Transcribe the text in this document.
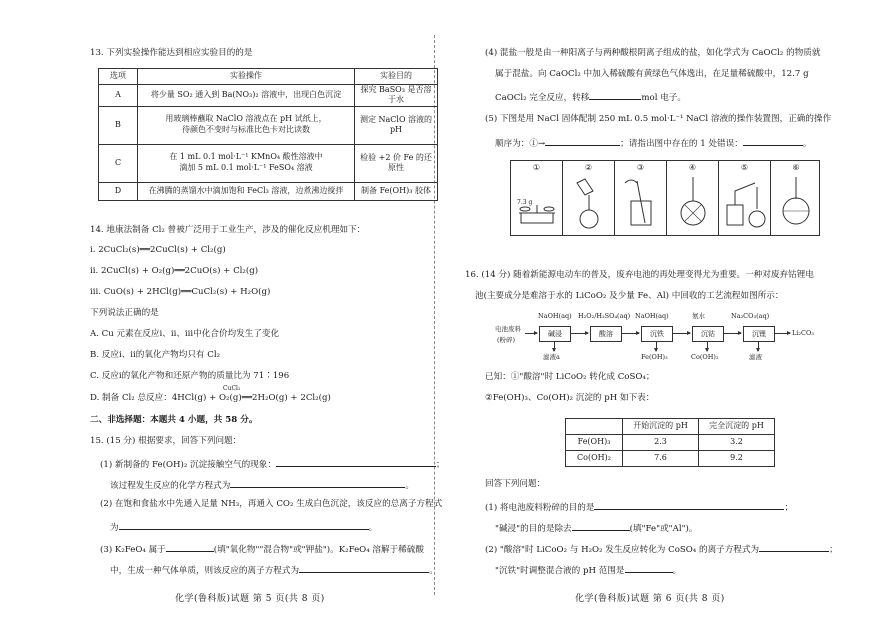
13. 下列实验操作能达到相应实验目的的是
选项	实验操作	实验目的
A	将少量 SO₂ 通入到 Ba(NO₃)₂ 溶液中，出现白色沉淀	探究 BaSO₃ 是否溶于水
B	用玻璃棒蘸取 NaClO 溶液点在 pH 试纸上，
待颜色不变时与标准比色卡对比读数	测定 NaClO 溶液的 pH
C	在 1 mL 0.1 mol·L⁻¹ KMnO₄ 酸性溶液中
滴加 5 mL 0.1 mol·L⁻¹ FeSO₄ 溶液	检验 +2 价 Fe 的还原性
D	在沸腾的蒸馏水中滴加饱和 FeCl₃ 溶液，边煮沸边搅拌	制备 Fe(OH)₃ 胶体
14. 地康法制备 Cl₂ 曾被广泛用于工业生产，涉及的催化反应机理如下：
ⅰ. 2CuCl₂(s)══2CuCl(s) + Cl₂(g)
ⅱ. 2CuCl(s) + O₂(g)══2CuO(s) + Cl₂(g)
ⅲ. CuO(s) + 2HCl(g)══CuCl₂(s) + H₂O(g)
下列说法正确的是
A. Cu 元素在反应ⅰ、ⅱ、ⅲ中化合价均发生了变化
B. 反应ⅰ、ⅱ的氧化产物均只有 Cl₂
C. 反应ⅰ的氧化产物和还原产物的质量比为 71∶196
CuCl₂
D. 制备 Cl₂ 总反应：4HCl(g) + O₂(g)══2H₂O(g) + 2Cl₂(g)
二、非选择题：本题共 4 小题，共 58 分。
15. (15 分) 根据要求，回答下列问题：
(1) 新制备的 Fe(OH)₂ 沉淀接触空气的现象：	；
该过程发生反应的化学方程式为	。
(2) 在饱和食盐水中先通入足量 NH₃，再通入 CO₂ 生成白色沉淀，该反应的总离子方程式
为	。
(3) K₂FeO₄ 属于	(填"氧化物""混合物"或"钾盐")。K₂FeO₄ 溶解于稀硫酸
中，生成一种气体单质，则该反应的离子方程式为	。
化学(鲁科版)试题 第 5 页(共 8 页)
(4) 混盐一般是由一种阳离子与两种酸根阴离子组成的盐，如化学式为 CaOCl₂ 的物质就
属于混盐。向 CaOCl₂ 中加入稀硫酸有黄绿色气体逸出，在足量稀硫酸中，12.7 g
CaOCl₂ 完全反应，转移	mol 电子。
(5) 下图是用 NaCl 固体配制 250 mL 0.5 mol·L⁻¹ NaCl 溶液的操作装置图，正确的操作
顺序为：①→	；请指出图中存在的 1 处错误：	。
①
7.3 g
②	③	④	⑤	⑥
16. (14 分) 随着新能源电动车的普及，废弃电池的再处理变得尤为重要。一种对废弃钴锂电
池(主要成分是难溶于水的 LiCoO₂ 及少量 Fe、Al) 中回收的工艺流程如图所示：
电池废料
(粉碎)
NaOH(aq)
碱浸
滤液a
H₂O₂/H₂SO₄(aq)
酸溶
NaOH(aq)
沉铁
Fe(OH)₃
氨水
沉钴
Co(OH)₂
Na₂CO₃(aq)
沉锂
滤液
Li₂CO₃
已知：①"酸溶"时 LiCoO₂ 转化成 CoSO₄；
②Fe(OH)₃、Co(OH)₂ 沉淀的 pH 如下表：
	开始沉淀的 pH	完全沉淀的 pH
Fe(OH)₃	2.3	3.2
Co(OH)₂	7.6	9.2
回答下列问题：
(1) 将电池废料粉碎的目的是	；
"碱浸"的目的是除去	(填"Fe"或"Al")。
(2) "酸溶"时 LiCoO₂ 与 H₂O₂ 发生反应转化为 CoSO₄ 的离子方程式为	；
"沉铁"时调整混合液的 pH 范围是	。
化学(鲁科版)试题 第 6 页(共 8 页)
